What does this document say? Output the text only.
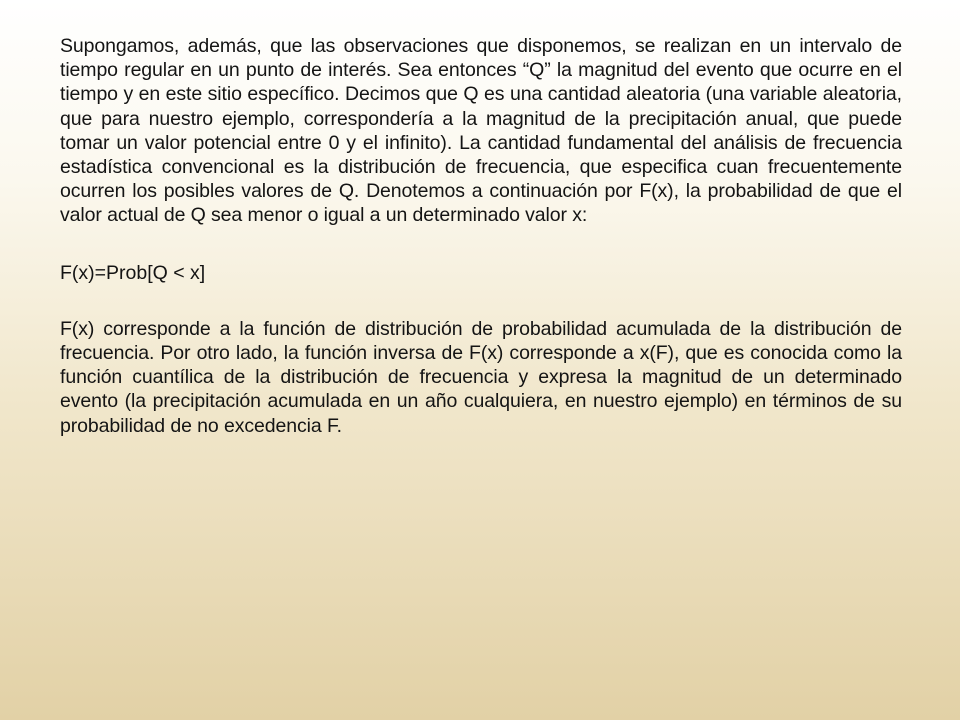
Supongamos, además, que las observaciones que disponemos, se realizan en un intervalo de tiempo regular en un punto de interés. Sea entonces “Q” la magnitud del evento que ocurre en el tiempo y en este sitio específico. Decimos que Q es una cantidad aleatoria (una variable aleatoria, que para nuestro ejemplo, correspondería a la magnitud de la precipitación anual, que puede tomar un valor potencial entre 0 y el infinito). La cantidad fundamental del análisis de frecuencia estadística convencional es la distribución de frecuencia, que especifica cuan frecuentemente ocurren los posibles valores de Q. Denotemos a continuación por F(x), la probabilidad de que el valor actual de Q sea menor o igual a un determinado valor x:

F(x)=Prob[Q < x]

F(x) corresponde a la función de distribución de probabilidad acumulada de la distribución de frecuencia. Por otro lado, la función inversa de F(x) corresponde a x(F), que es conocida como la función cuantílica de la distribución de frecuencia y expresa la magnitud de un determinado evento (la precipitación acumulada en un año cualquiera, en nuestro ejemplo) en términos de su probabilidad de no excedencia F.
